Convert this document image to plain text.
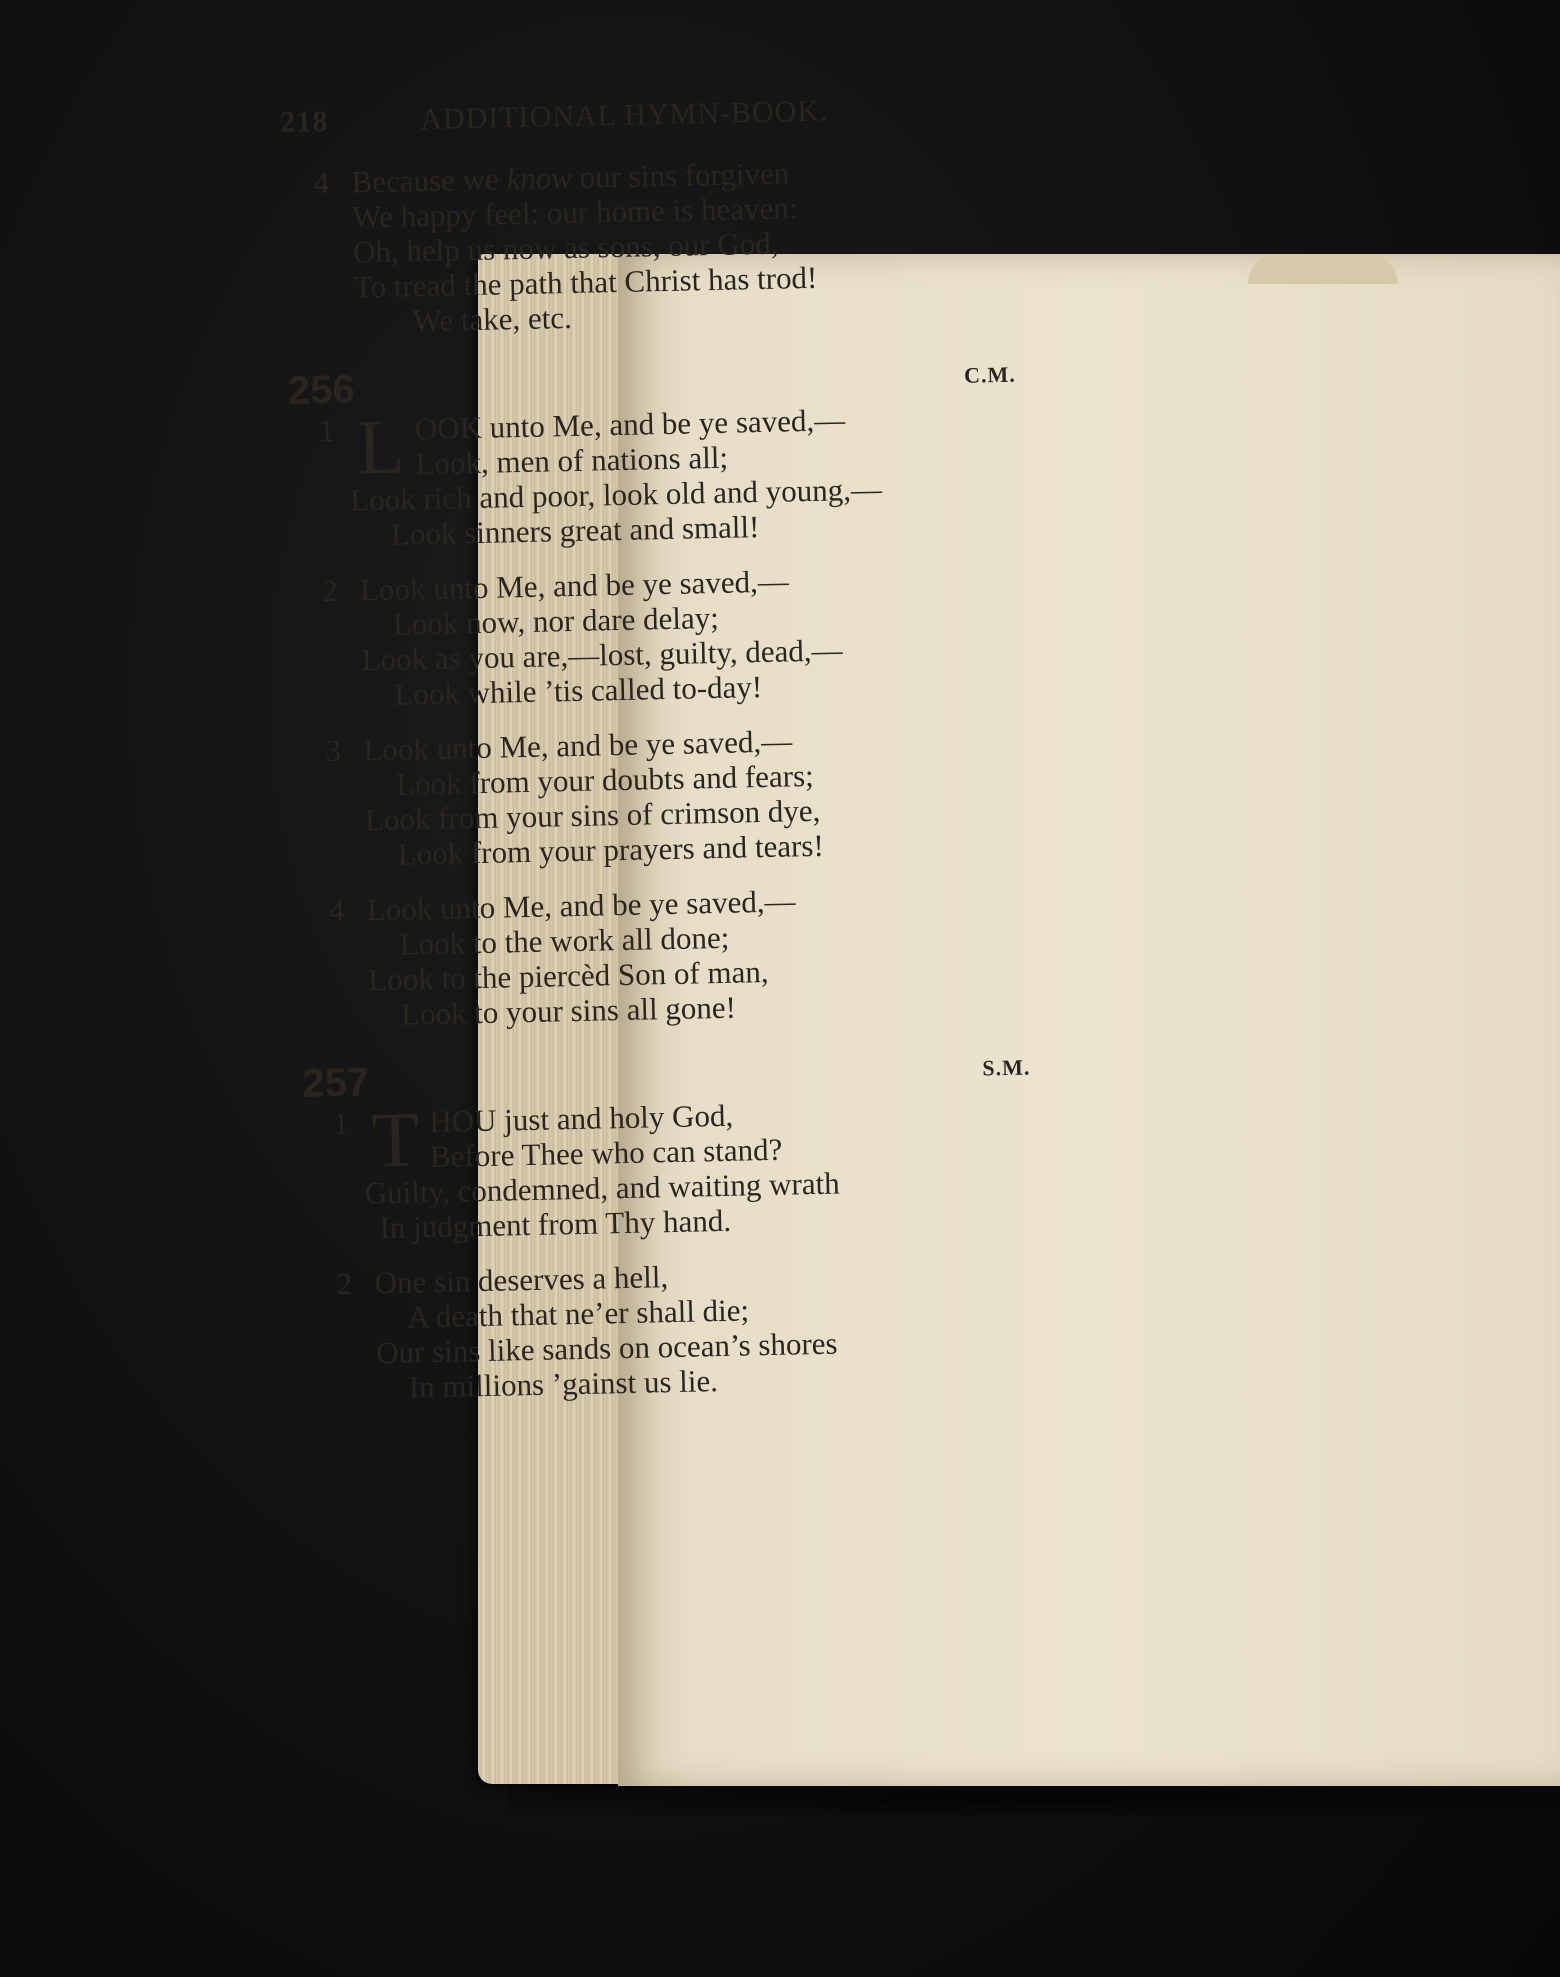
218	ADDITIONAL HYMN-BOOK.
4 Because we know our sins forgiven
We happy feel: our home is heaven:
Oh, help us now as sons, our God,
To tread the path that Christ has trod!
We take, etc.
256	C.M.
1 L OOK unto Me, and be ye saved,—
Look, men of nations all;
Look rich and poor, look old and young,—
Look sinners great and small!
2 Look unto Me, and be ye saved,—
Look now, nor dare delay;
Look as you are,—lost, guilty, dead,—
Look while ’tis called to-day!
3 Look unto Me, and be ye saved,—
Look from your doubts and fears;
Look from your sins of crimson dye,
Look from your prayers and tears!
4 Look unto Me, and be ye saved,—
Look to the work all done;
Look to the piercèd Son of man,
Look to your sins all gone!
257	S.M.
1 T HOU just and holy God,
Before Thee who can stand?
Guilty, condemned, and waiting wrath
In judgment from Thy hand.
2 One sin deserves a hell,
A death that ne’er shall die;
Our sins like sands on ocean’s shores
In millions ’gainst us lie.
